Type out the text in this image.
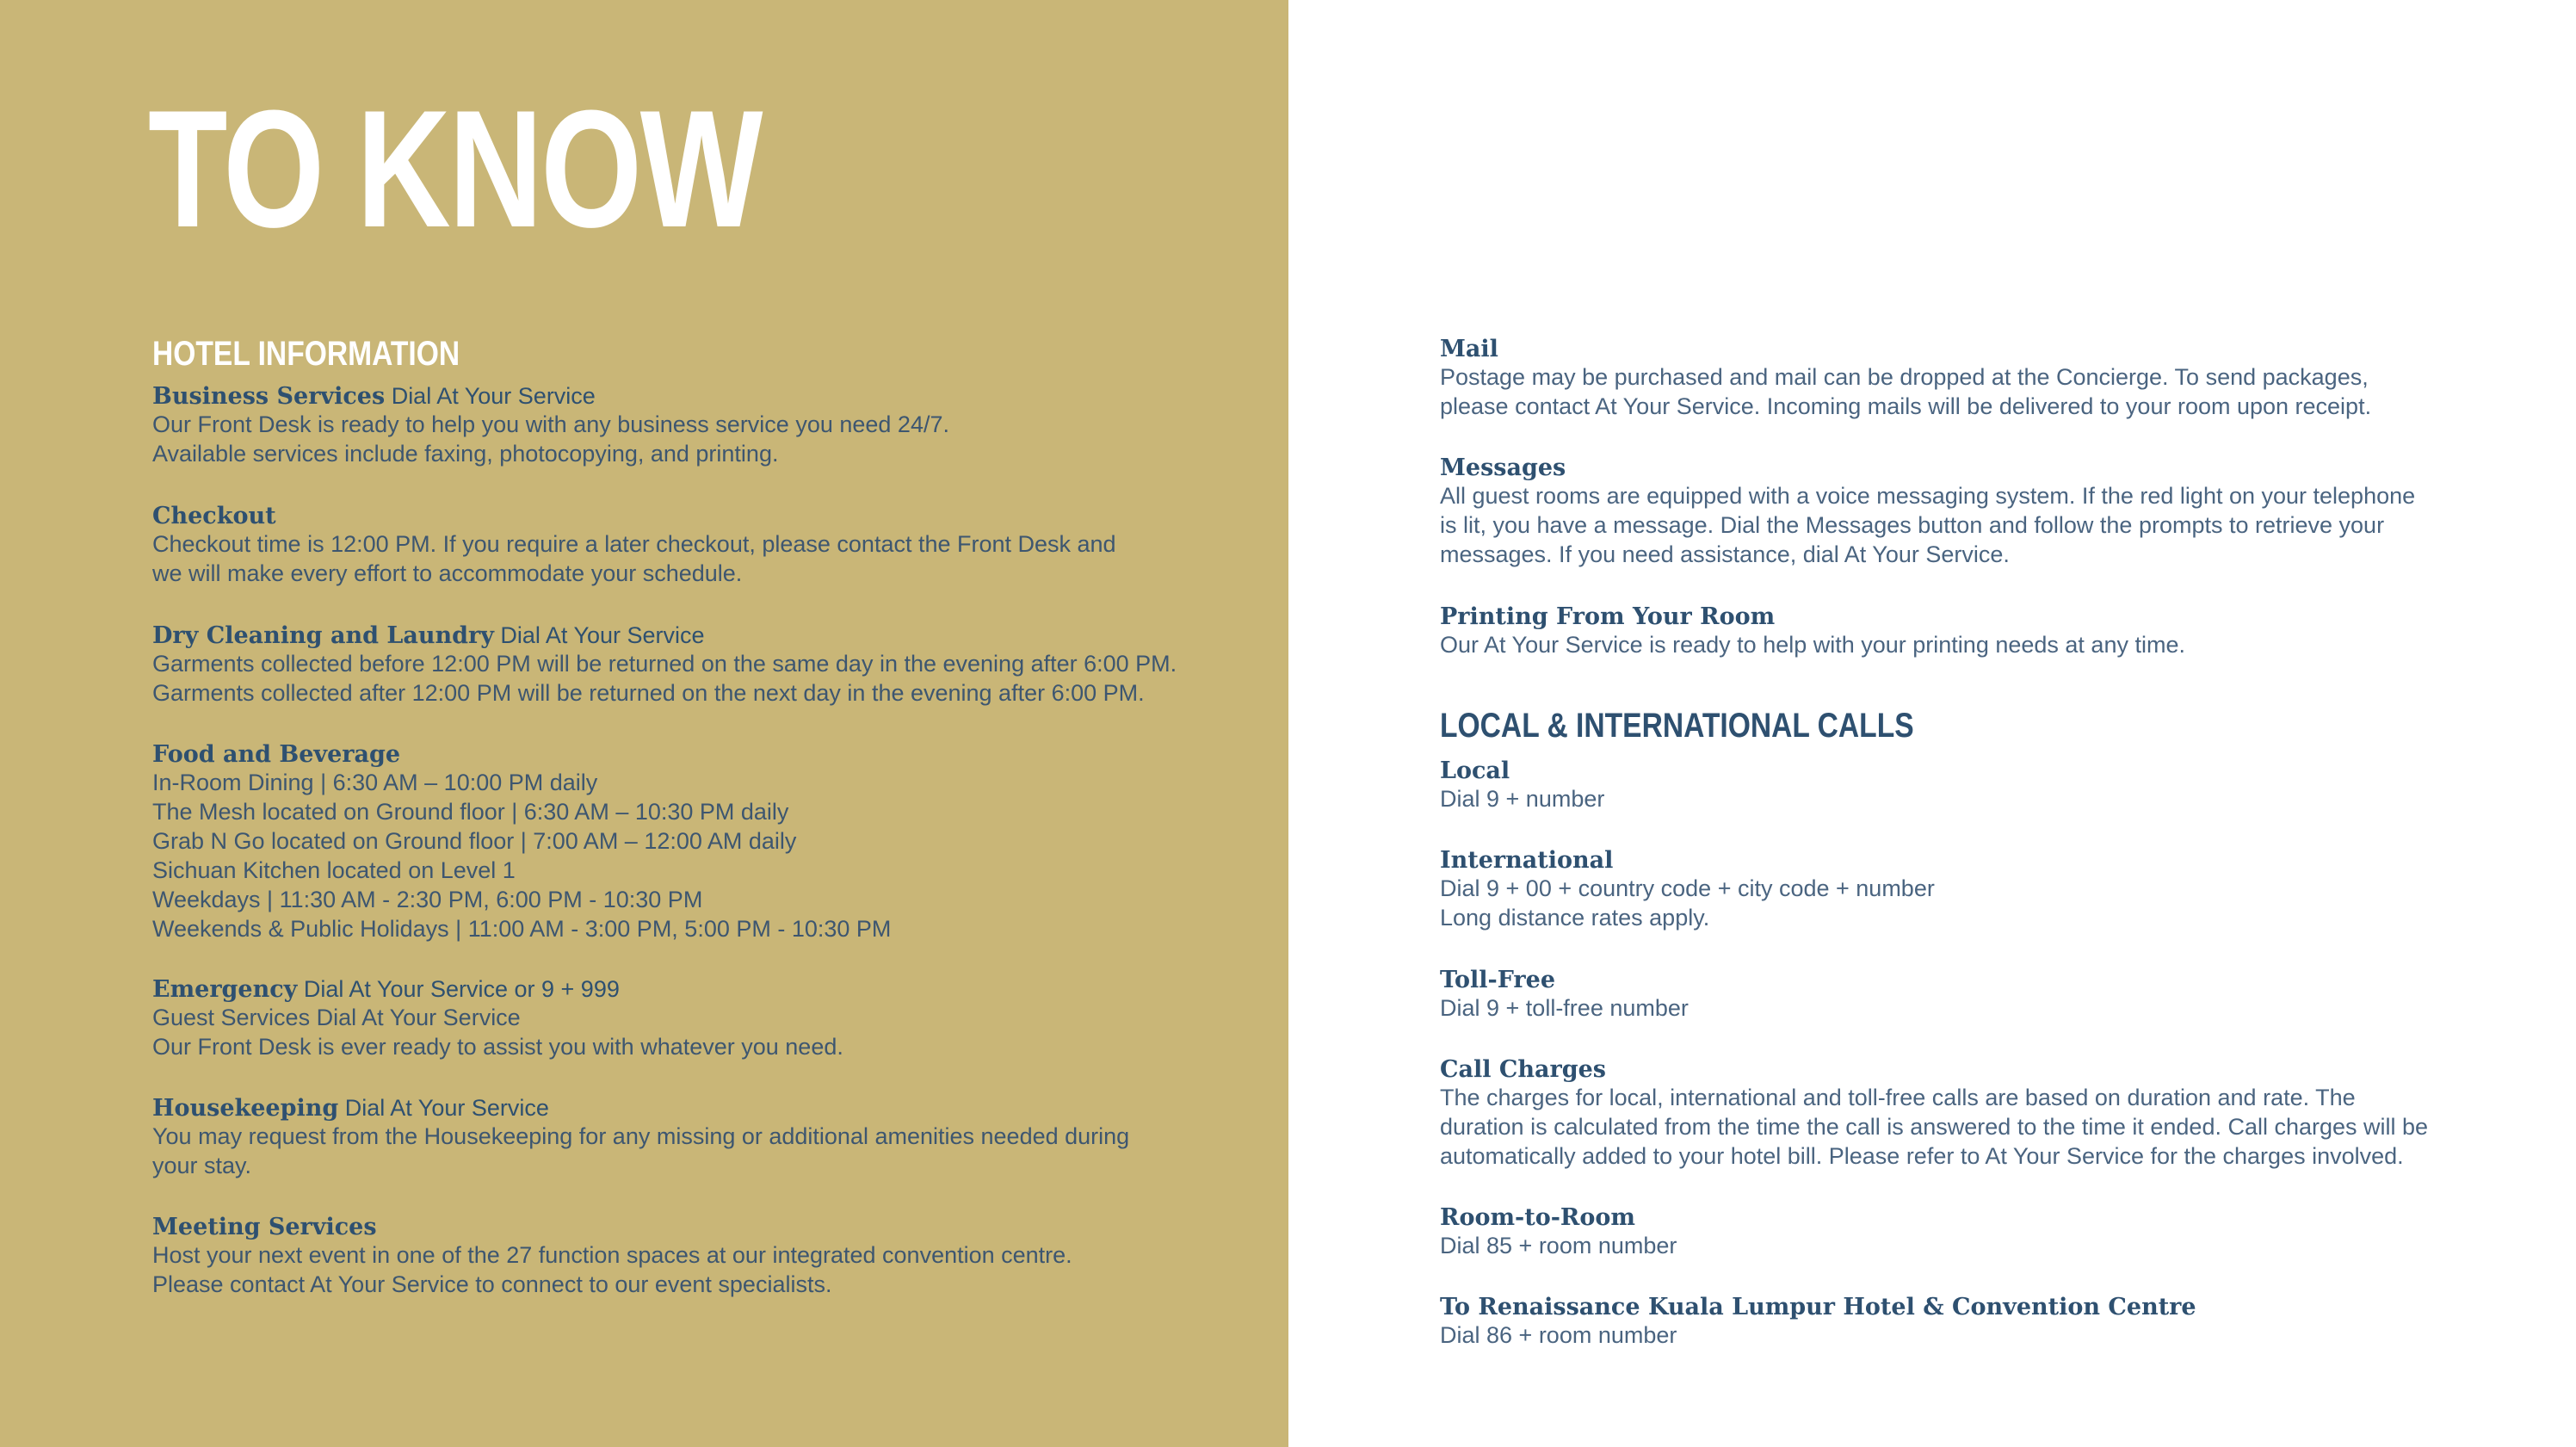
TO KNOW
HOTEL INFORMATION
Business Services Dial At Your Service
Our Front Desk is ready to help you with any business service you need 24/7.
Available services include faxing, photocopying, and printing.
Checkout
Checkout time is 12:00 PM. If you require a later checkout, please contact the Front Desk and
we will make every effort to accommodate your schedule.
Dry Cleaning and Laundry Dial At Your Service
Garments collected before 12:00 PM will be returned on the same day in the evening after 6:00 PM.
Garments collected after 12:00 PM will be returned on the next day in the evening after 6:00 PM.
Food and Beverage
In-Room Dining | 6:30 AM – 10:00 PM daily
The Mesh located on Ground floor | 6:30 AM – 10:30 PM daily
Grab N Go located on Ground floor | 7:00 AM – 12:00 AM daily
Sichuan Kitchen located on Level 1
Weekdays | 11:30 AM - 2:30 PM, 6:00 PM - 10:30 PM
Weekends & Public Holidays | 11:00 AM - 3:00 PM, 5:00 PM - 10:30 PM
Emergency Dial At Your Service or 9 + 999
Guest Services Dial At Your Service
Our Front Desk is ever ready to assist you with whatever you need.
Housekeeping Dial At Your Service
You may request from the Housekeeping for any missing or additional amenities needed during
your stay.
Meeting Services
Host your next event in one of the 27 function spaces at our integrated convention centre.
Please contact At Your Service to connect to our event specialists.
Mail
Postage may be purchased and mail can be dropped at the Concierge. To send packages,
please contact At Your Service. Incoming mails will be delivered to your room upon receipt.
Messages
All guest rooms are equipped with a voice messaging system. If the red light on your telephone
is lit, you have a message. Dial the Messages button and follow the prompts to retrieve your
messages. If you need assistance, dial At Your Service.
Printing From Your Room
Our At Your Service is ready to help with your printing needs at any time.
Local
Dial 9 + number
International
Dial 9 + 00 + country code + city code + number
Long distance rates apply.
Toll-Free
Dial 9 + toll-free number
Call Charges
The charges for local, international and toll-free calls are based on duration and rate. The
duration is calculated from the time the call is answered to the time it ended. Call charges will be
automatically added to your hotel bill. Please refer to At Your Service for the charges involved.
Room-to-Room
Dial 85 + room number
To Renaissance Kuala Lumpur Hotel & Convention Centre
Dial 86 + room number
LOCAL & INTERNATIONAL CALLS
